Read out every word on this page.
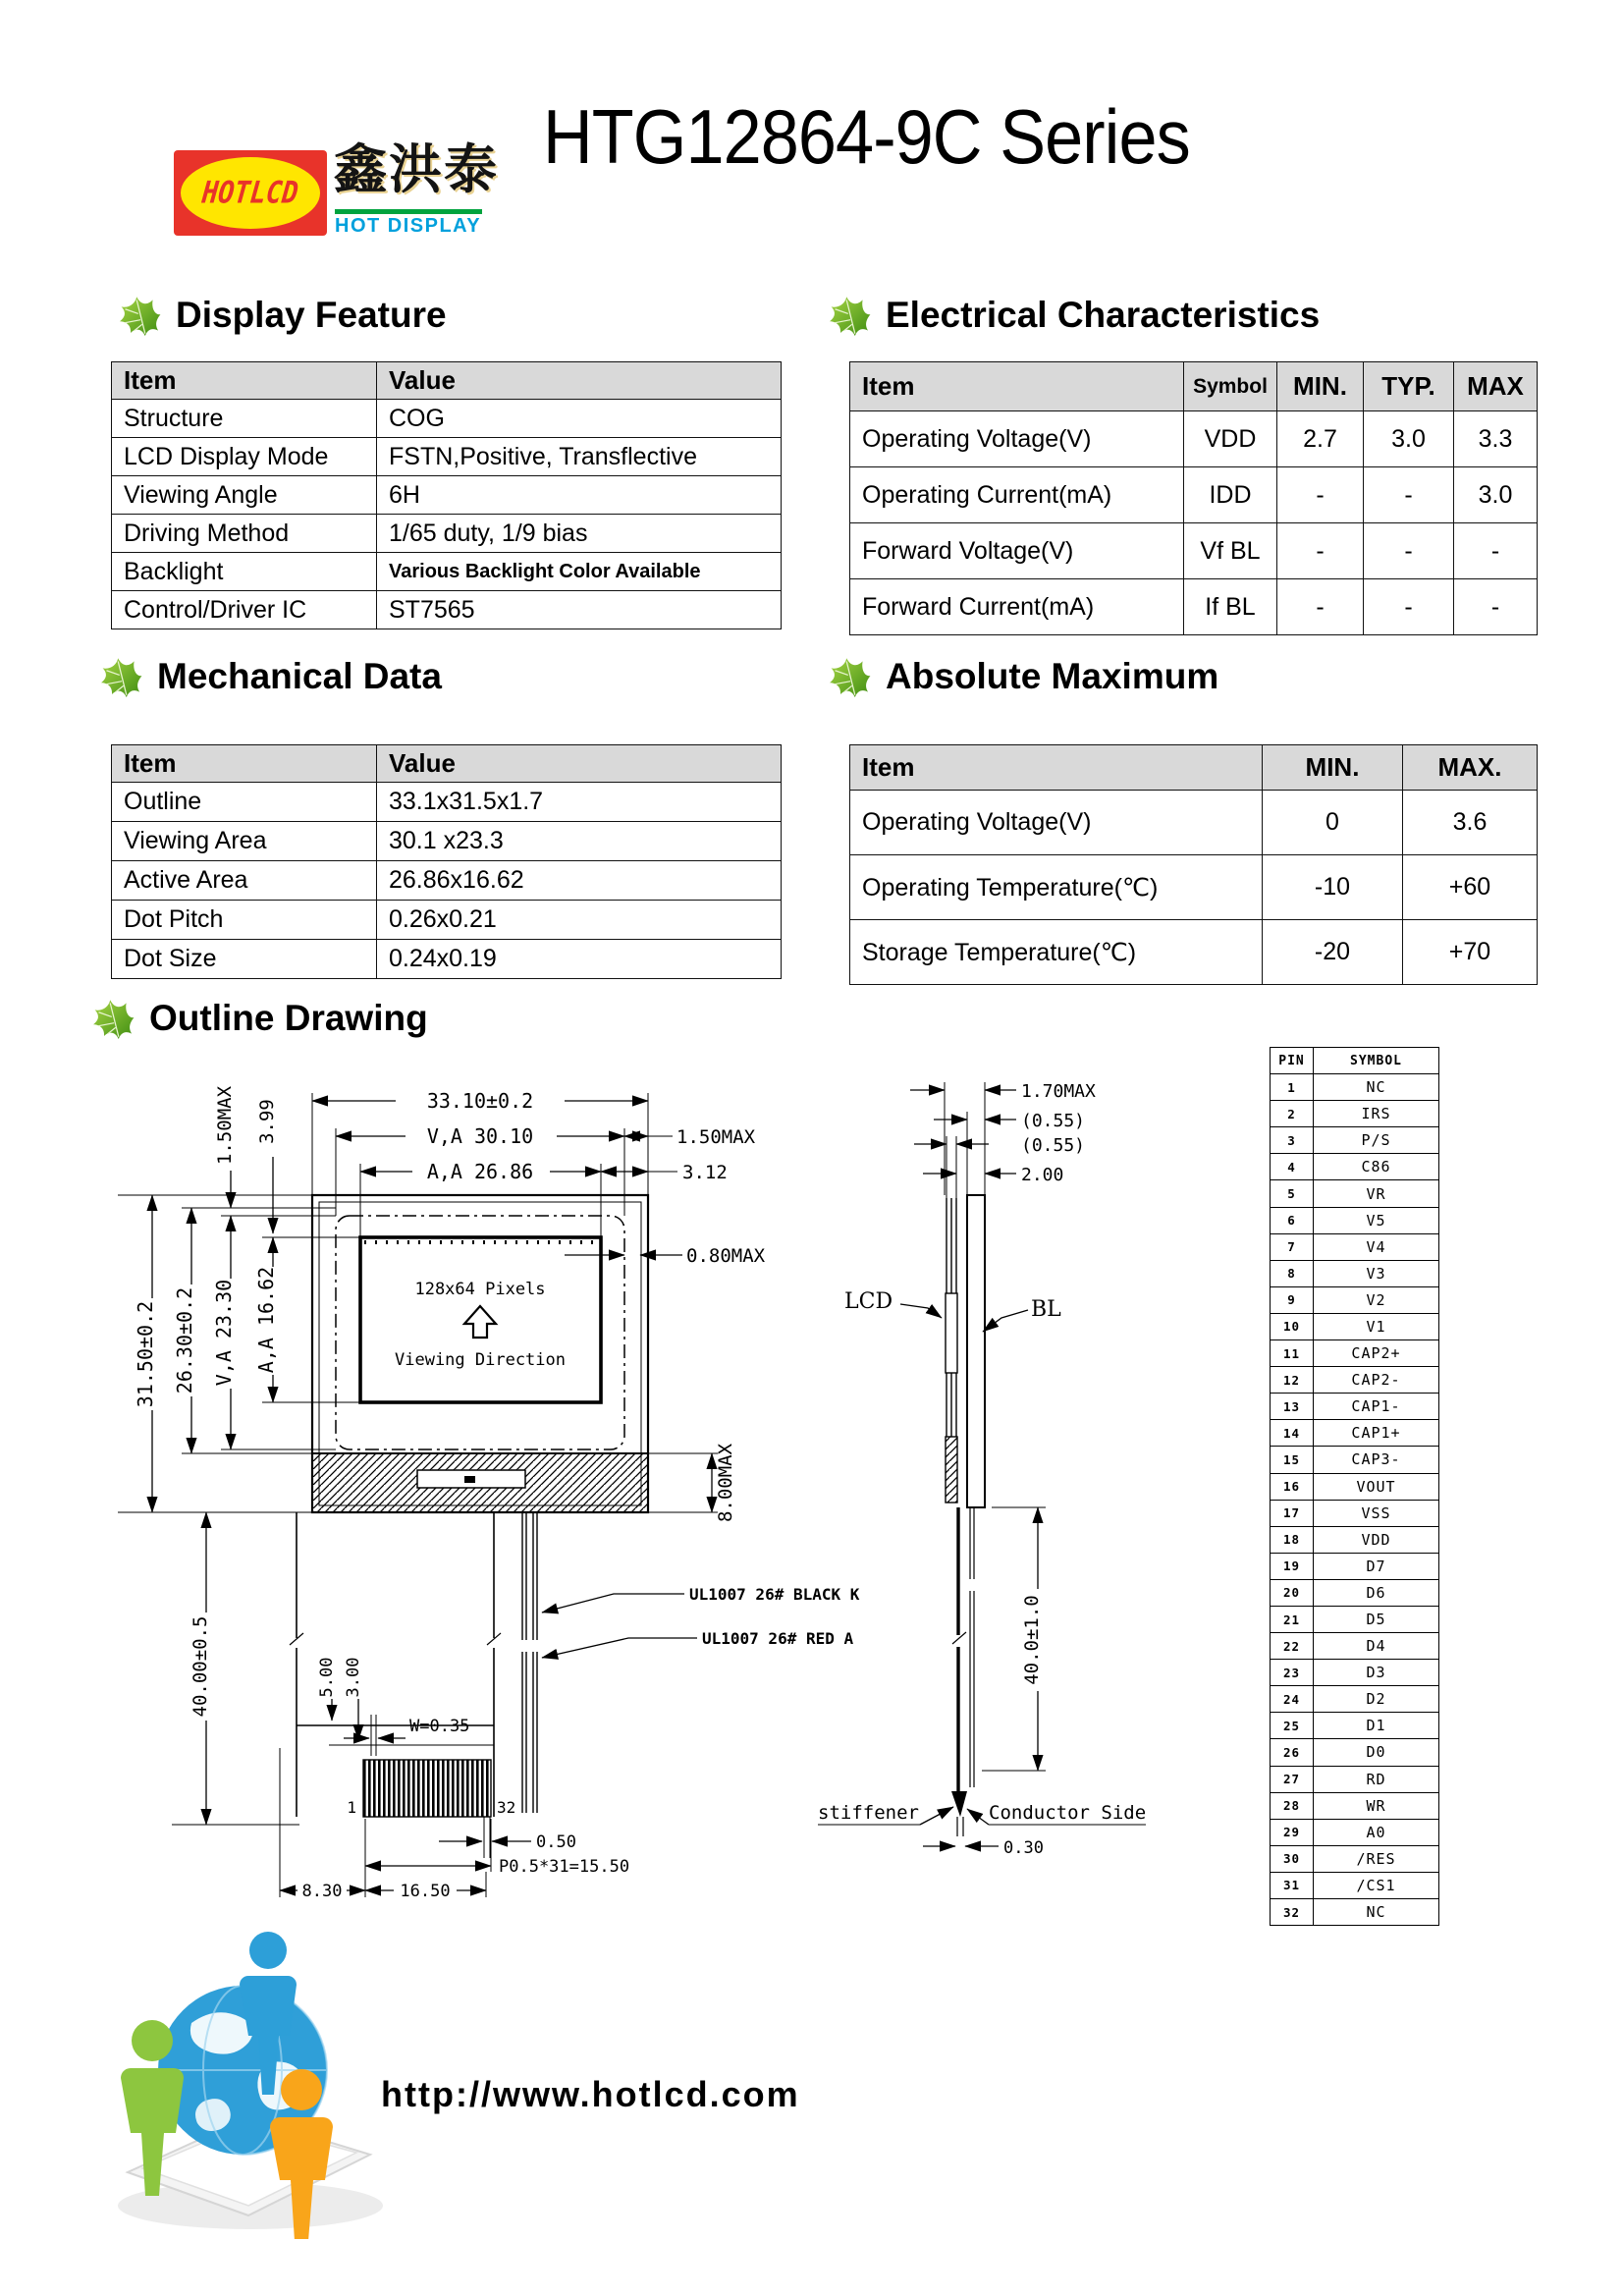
HOTLCD 鑫洪泰
HOT DISPLAY
HTG12864-9C Series
Display Feature	Electrical Characteristics
Mechanical Data	Absolute Maximum
Outline Drawing
Item	Value
Structure	COG
LCD Display Mode	FSTN,Positive, Transflective
Viewing Angle	6H
Driving Method	1/65 duty, 1/9 bias
Backlight	Various Backlight Color Available
Control/Driver IC	ST7565
Item	Symbol	MIN.	TYP.	MAX
Operating Voltage(V)	VDD	2.7	3.0	3.3
Operating Current(mA)	IDD	-	-	3.0
Forward Voltage(V)	Vf BL	-	-	-
Forward Current(mA)	If BL	-	-	-
Item	Value
Outline	33.1x31.5x1.7
Viewing Area	30.1 x23.3
Active Area	26.86x16.62
Dot Pitch	0.26x0.21
Dot Size	0.24x0.19
Item	MIN.	MAX.
Operating Voltage(V)	0	3.6
Operating Temperature(℃)	-10	+60
Storage Temperature(℃)	-20	+70
128x64 Pixels
Viewing Direction
33.10±0.2
V,A 30.10
A,A 26.86
1.50MAX
3.12
0.80MAX
8.00MAX
31.50±0.2 26.30±0.2 V,A 23.30 A,A 16.62
1.50MAX 3.99
40.00±0.5
1	32
5.00 3.00
W=0.35
0.50
P0.5*31=15.50
8.30	16.50
UL1007 26# BLACK K
UL1007 26# RED A
1.70MAX
(0.55)
(0.55)
2.00
LCD	BL
40.0±1.0
stiffener	Conductor Side
0.30
PIN	SYMBOL
1	NC
2	IRS
3	P/S
4	C86
5	VR
6	V5
7	V4
8	V3
9	V2
10	V1
11	CAP2+
12	CAP2-
13	CAP1-
14	CAP1+
15	CAP3-
16	VOUT
17	VSS
18	VDD
19	D7
20	D6
21	D5
22	D4
23	D3
24	D2
25	D1
26	D0
27	RD
28	WR
29	A0
30	/RES
31	/CS1
32	NC
http://www.hotlcd.com
